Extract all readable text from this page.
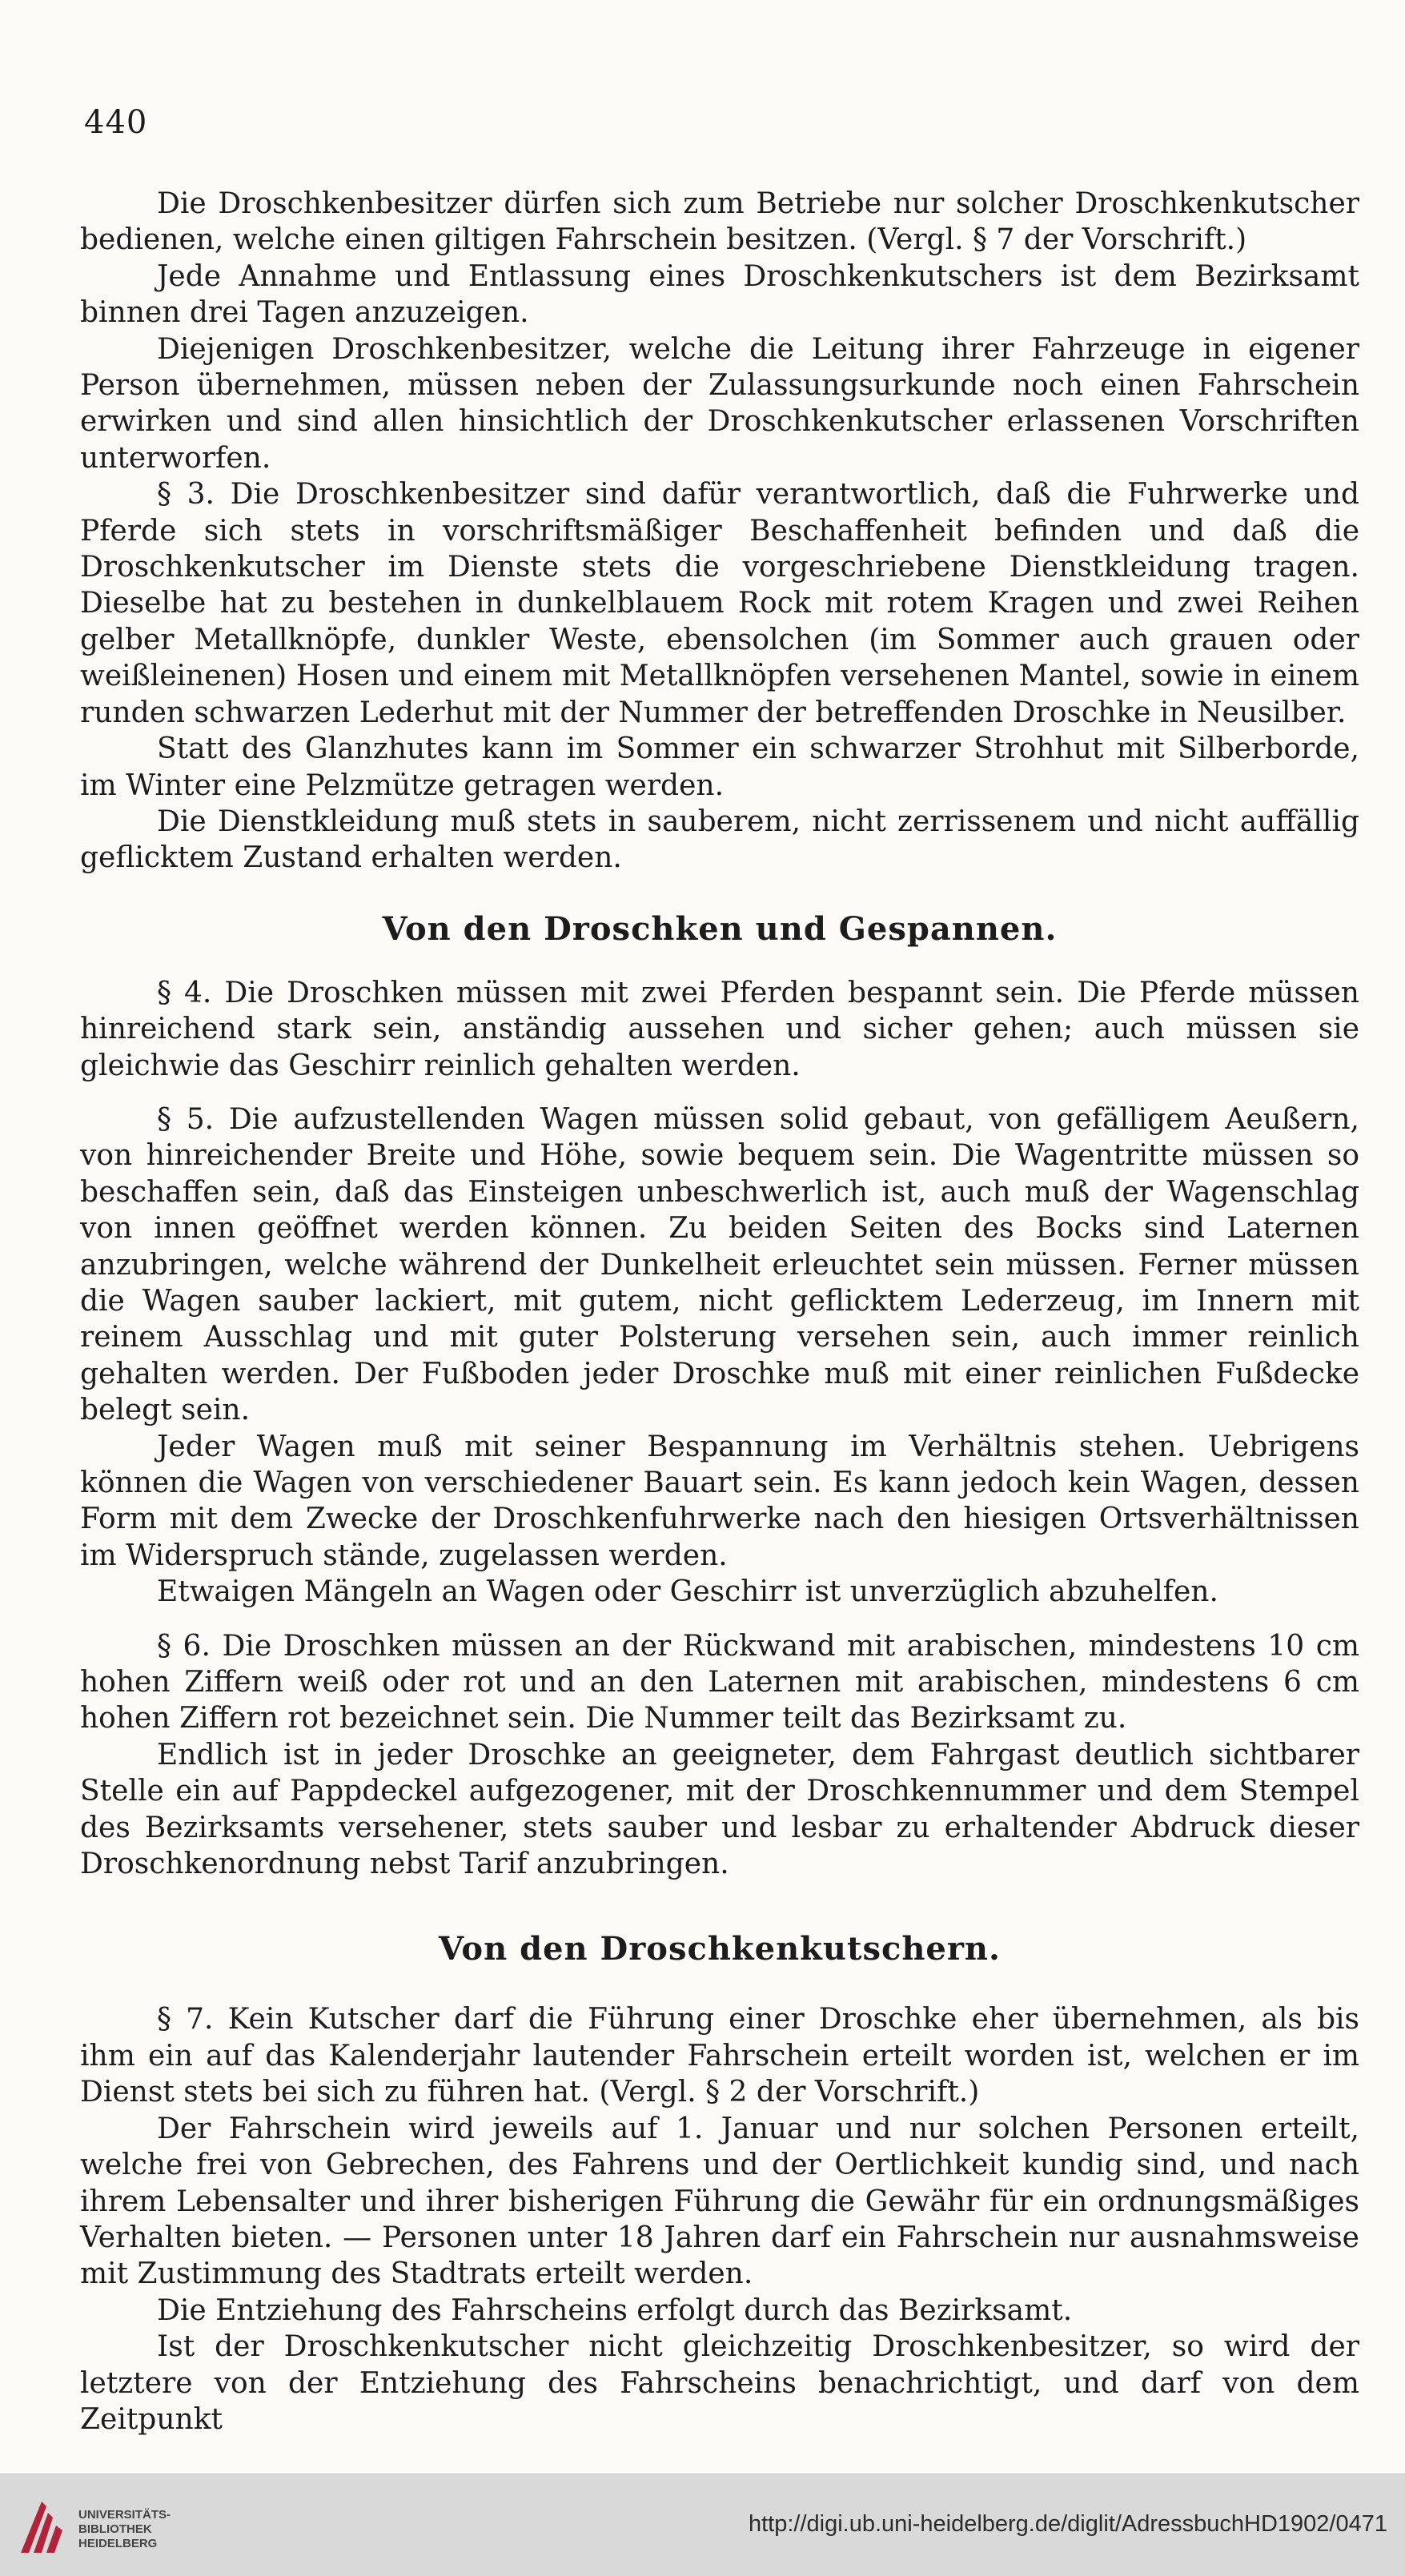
440

Die Droschkenbesitzer dürfen sich zum Betriebe nur solcher Droschkenkutscher bedienen, welche einen giltigen Fahrschein besitzen. (Vergl. § 7 der Vorschrift.)

Jede Annahme und Entlassung eines Droschkenkutschers ist dem Bezirksamt binnen drei Tagen anzuzeigen.

Diejenigen Droschkenbesitzer, welche die Leitung ihrer Fahrzeuge in eigener Person übernehmen, müssen neben der Zulassungsurkunde noch einen Fahrschein erwirken und sind allen hinsichtlich der Droschkenkutscher erlassenen Vorschriften unterworfen.

§ 3. Die Droschkenbesitzer sind dafür verantwortlich, daß die Fuhrwerke und Pferde sich stets in vorschriftsmäßiger Beschaffenheit befinden und daß die Droschkenkutscher im Dienste stets die vorgeschriebene Dienstkleidung tragen. Dieselbe hat zu bestehen in dunkelblauem Rock mit rotem Kragen und zwei Reihen gelber Metallknöpfe, dunkler Weste, ebensolchen (im Sommer auch grauen oder weißleinenen) Hosen und einem mit Metallknöpfen versehenen Mantel, sowie in einem runden schwarzen Lederhut mit der Nummer der betreffenden Droschke in Neusilber.

Statt des Glanzhutes kann im Sommer ein schwarzer Strohhut mit Silberborde, im Winter eine Pelzmütze getragen werden.

Die Dienstkleidung muß stets in sauberem, nicht zerrissenem und nicht auffällig geflicktem Zustand erhalten werden.

Von den Droschken und Gespannen.

§ 4. Die Droschken müssen mit zwei Pferden bespannt sein. Die Pferde müssen hinreichend stark sein, anständig aussehen und sicher gehen; auch müssen sie gleichwie das Geschirr reinlich gehalten werden.

§ 5. Die aufzustellenden Wagen müssen solid gebaut, von gefälligem Aeußern, von hinreichender Breite und Höhe, sowie bequem sein. Die Wagentritte müssen so beschaffen sein, daß das Einsteigen unbeschwerlich ist, auch muß der Wagenschlag von innen geöffnet werden können. Zu beiden Seiten des Bocks sind Laternen anzubringen, welche während der Dunkelheit erleuchtet sein müssen. Ferner müssen die Wagen sauber lackiert, mit gutem, nicht geflicktem Lederzeug, im Innern mit reinem Ausschlag und mit guter Polsterung versehen sein, auch immer reinlich gehalten werden. Der Fußboden jeder Droschke muß mit einer reinlichen Fußdecke belegt sein.

Jeder Wagen muß mit seiner Bespannung im Verhältnis stehen. Uebrigens können die Wagen von verschiedener Bauart sein. Es kann jedoch kein Wagen, dessen Form mit dem Zwecke der Droschkenfuhrwerke nach den hiesigen Ortsverhältnissen im Widerspruch stände, zugelassen werden.

Etwaigen Mängeln an Wagen oder Geschirr ist unverzüglich abzuhelfen.

§ 6. Die Droschken müssen an der Rückwand mit arabischen, mindestens 10 cm hohen Ziffern weiß oder rot und an den Laternen mit arabischen, mindestens 6 cm hohen Ziffern rot bezeichnet sein. Die Nummer teilt das Bezirksamt zu.

Endlich ist in jeder Droschke an geeigneter, dem Fahrgast deutlich sichtbarer Stelle ein auf Pappdeckel aufgezogener, mit der Droschkennummer und dem Stempel des Bezirksamts versehener, stets sauber und lesbar zu erhaltender Abdruck dieser Droschkenordnung nebst Tarif anzubringen.

Von den Droschkenkutschern.

§ 7. Kein Kutscher darf die Führung einer Droschke eher übernehmen, als bis ihm ein auf das Kalenderjahr lautender Fahrschein erteilt worden ist, welchen er im Dienst stets bei sich zu führen hat. (Vergl. § 2 der Vorschrift.)

Der Fahrschein wird jeweils auf 1. Januar und nur solchen Personen erteilt, welche frei von Gebrechen, des Fahrens und der Oertlichkeit kundig sind, und nach ihrem Lebensalter und ihrer bisherigen Führung die Gewähr für ein ordnungsmäßiges Verhalten bieten. — Personen unter 18 Jahren darf ein Fahrschein nur ausnahmsweise mit Zustimmung des Stadtrats erteilt werden.

Die Entziehung des Fahrscheins erfolgt durch das Bezirksamt.

Ist der Droschkenkutscher nicht gleichzeitig Droschkenbesitzer, so wird der letztere von der Entziehung des Fahrscheins benachrichtigt, und darf von dem Zeitpunkt

UNIVERSITÄTS-
BIBLIOTHEK
HEIDELBERG
http://digi.ub.uni-heidelberg.de/diglit/AdressbuchHD1902/0471
